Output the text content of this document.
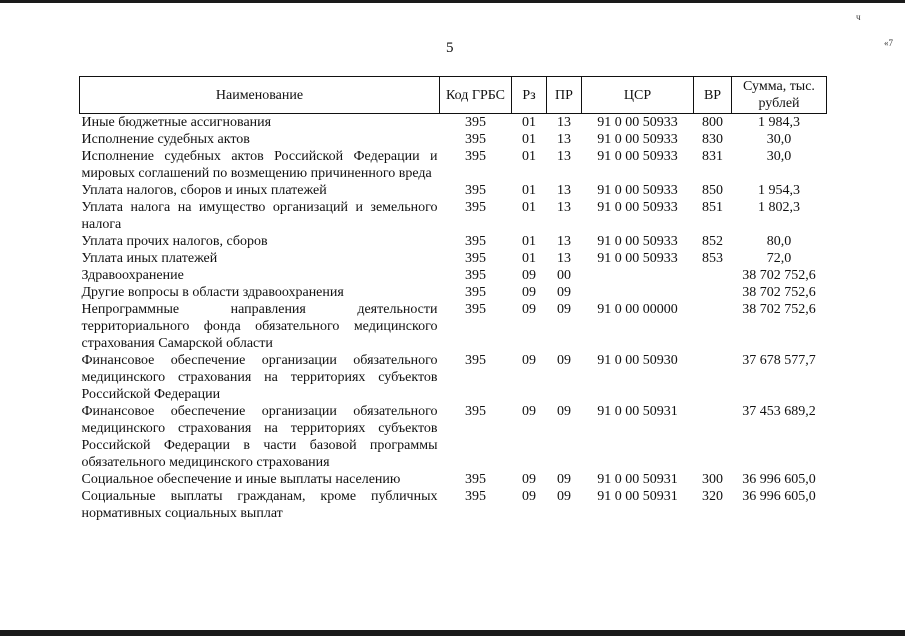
ч
«7
5
Наименование	Код ГРБС	Рз	ПР	ЦСР	ВР	Сумма, тыс. рублей
Иные бюджетные ассигнования	395	01	13	91 0 00 50933	800	1 984,3
Исполнение судебных актов	395	01	13	91 0 00 50933	830	30,0
Исполнение судебных актов Российской Федерации и мировых соглашений по возмещению причиненного вреда	395	01	13	91 0 00 50933	831	30,0
Уплата налогов, сборов и иных платежей	395	01	13	91 0 00 50933	850	1 954,3
Уплата налога на имущество организаций и земельного налога	395	01	13	91 0 00 50933	851	1 802,3
Уплата прочих налогов, сборов	395	01	13	91 0 00 50933	852	80,0
Уплата иных платежей	395	01	13	91 0 00 50933	853	72,0
Здравоохранение	395	09	00			38 702 752,6
Другие вопросы в области здравоохранения	395	09	09			38 702 752,6
Непрограммные направления деятельности территориального фонда обязательного медицинского страхования Самарской области	395	09	09	91 0 00 00000		38 702 752,6
Финансовое обеспечение организации обязательного медицинского страхования на территориях субъектов Российской Федерации	395	09	09	91 0 00 50930		37 678 577,7
Финансовое обеспечение организации обязательного медицинского страхования на территориях субъектов Российской Федерации в части базовой программы обязательного медицинского страхования	395	09	09	91 0 00 50931		37 453 689,2
Социальное обеспечение и иные выплаты населению	395	09	09	91 0 00 50931	300	36 996 605,0
Социальные выплаты гражданам, кроме публичных нормативных социальных выплат	395	09	09	91 0 00 50931	320	36 996 605,0
